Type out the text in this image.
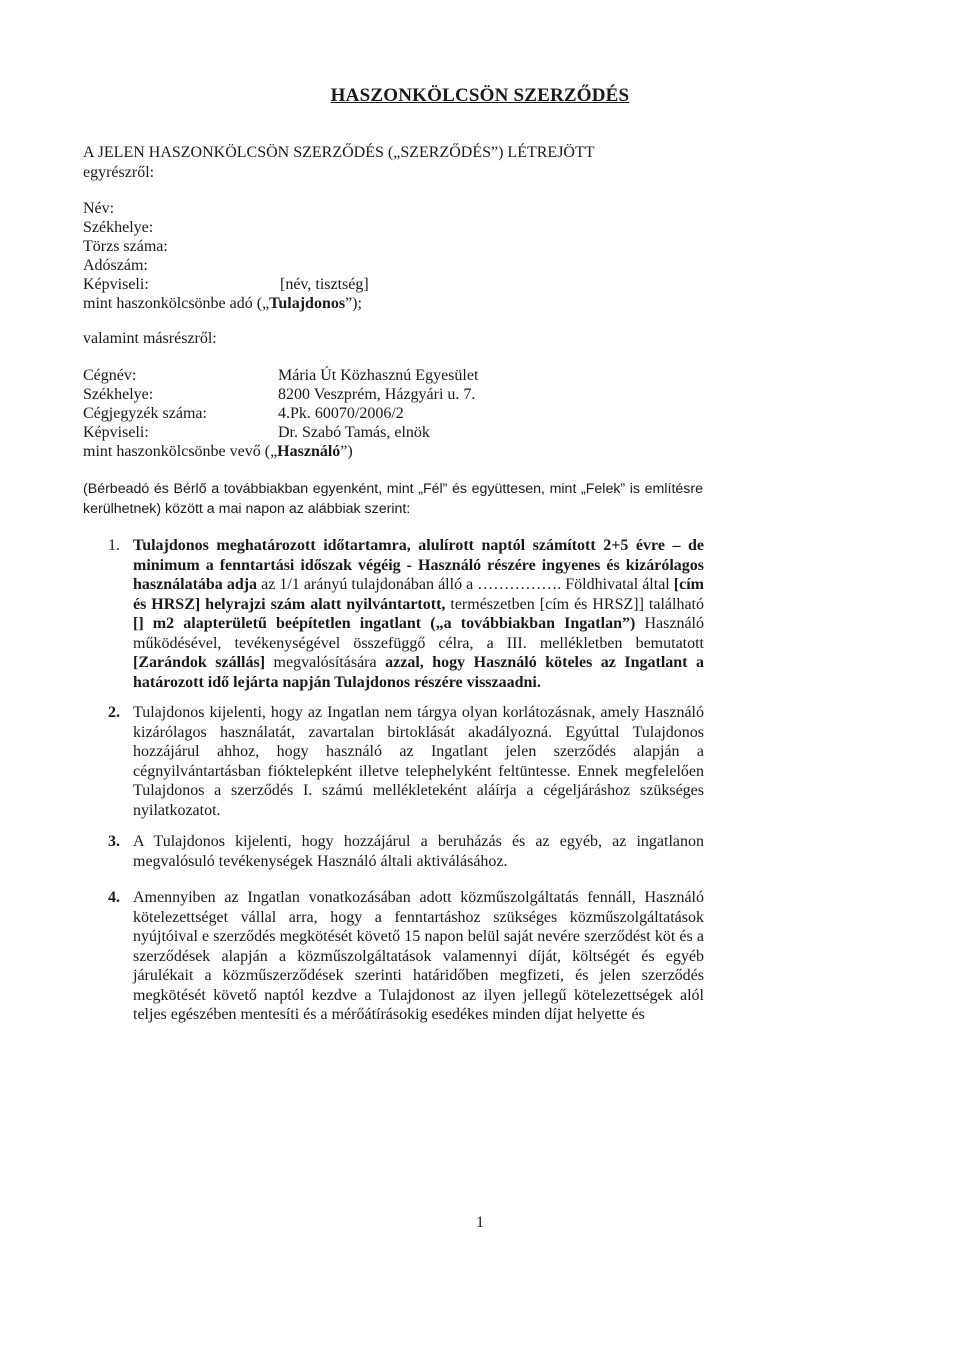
HASZONKÖLCSÖN SZERZŐDÉS
A JELEN HASZONKÖLCSÖN SZERZŐDÉS („SZERZŐDÉS”) LÉTREJÖTT
egyrészről:
Név:
Székhelye:
Törzs száma:
Adószám:
Képviseli:	[név, tisztség]
mint haszonkölcsönbe adó („Tulajdonos”);
valamint másrészről:
Cégnév:	Mária Út Közhasznú Egyesület
Székhelye:	8200 Veszprém, Házgyári u. 7.
Cégjegyzék száma:	4.Pk. 60070/2006/2
Képviseli:	Dr. Szabó Tamás, elnök
mint haszonkölcsönbe vevő („Használó”)
(Bérbeadó és Bérlő a továbbiakban egyenként, mint „Fél” és együttesen, mint „Felek” is említésre kerülhetnek) között a mai napon az alábbiak szerint:
1. Tulajdonos meghatározott időtartamra, alulírott naptól számított 2+5 évre – de minimum a fenntartási időszak végéig - Használó részére ingyenes és kizárólagos használatába adja az 1/1 arányú tulajdonában álló a ……………. Földhivatal által [cím és HRSZ] helyrajzi szám alatt nyilvántartott, természetben [cím és HRSZ]] található [] m2 alapterületű beépítetlen ingatlant („a továbbiakban Ingatlan”) Használó működésével, tevékenységével összefüggő célra, a III. mellékletben bemutatott [Zarándok szállás] megvalósítására azzal, hogy Használó köteles az Ingatlant a határozott idő lejárta napján Tulajdonos részére visszaadni.
2. Tulajdonos kijelenti, hogy az Ingatlan nem tárgya olyan korlátozásnak, amely Használó kizárólagos használatát, zavartalan birtoklását akadályozná. Egyúttal Tulajdonos hozzájárul ahhoz, hogy használó az Ingatlant jelen szerződés alapján a cégnyilvántartásban fióktelepként illetve telephelyként feltüntesse. Ennek megfelelően Tulajdonos a szerződés I. számú mellékleteként aláírja a cégeljáráshoz szükséges nyilatkozatot.
3. A Tulajdonos kijelenti, hogy hozzájárul a beruházás és az egyéb, az ingatlanon megvalósuló tevékenységek Használó általi aktiválásához.
4. Amennyiben az Ingatlan vonatkozásában adott közműszolgáltatás fennáll, Használó kötelezettséget vállal arra, hogy a fenntartáshoz szükséges közműszolgáltatások nyújtóival e szerződés megkötését követő 15 napon belül saját nevére szerződést köt és a szerződések alapján a közműszolgáltatások valamennyi díját, költségét és egyéb járulékait a közműszerződések szerinti határidőben megfizeti, és jelen szerződés megkötését követő naptól kezdve a Tulajdonost az ilyen jellegű kötelezettségek alól teljes egészében mentesíti és a mérőátírásokig esedékes minden díjat helyette és
1
